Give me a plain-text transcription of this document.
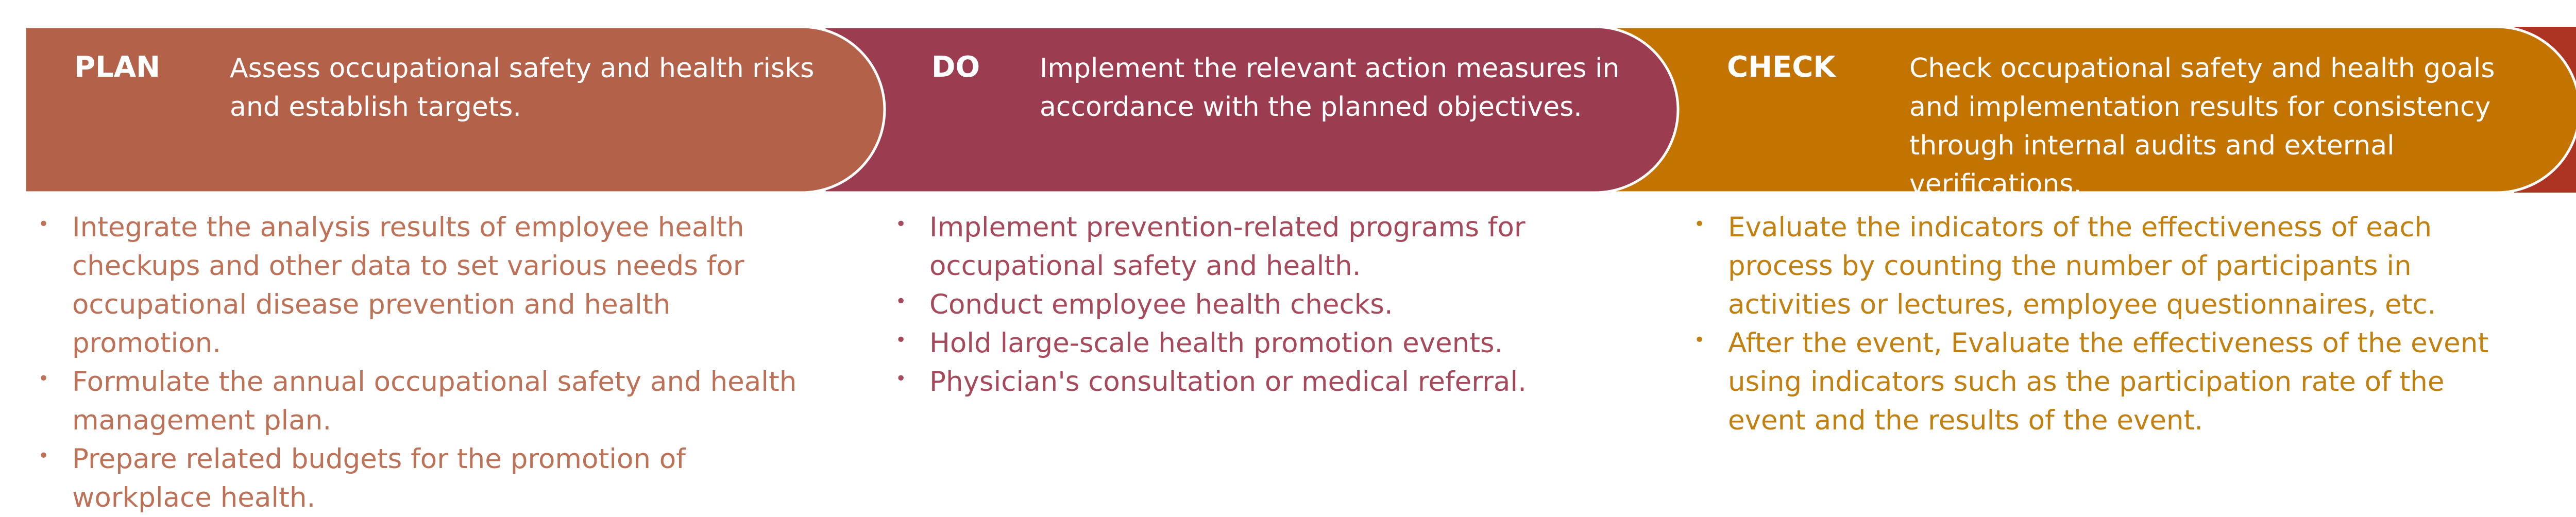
PLAN	Assess occupational safety and health risks and establish targets.

• Integrate the analysis results of employee health checkups and other data to set various needs for occupational disease prevention and health promotion.
• Formulate the annual occupational safety and health management plan.
• Prepare related budgets for the promotion of workplace health.
DO Implement the relevant action measures in accordance with the planned objectives.

• Implement prevention-related programs for occupational safety and health.
• Conduct employee health checks.
• Hold large-scale health promotion events.
• Physician's consultation or medical referral.
CHECK	Check occupational safety and health goals and implementation results for consistency through internal audits and external verifications.

• Evaluate the indicators of the effectiveness of each process by counting the number of participants in activities or lectures, employee questionnaires, etc.
• After the event, Evaluate the effectiveness of the event using indicators such as the participation rate of the event and the results of the event.
